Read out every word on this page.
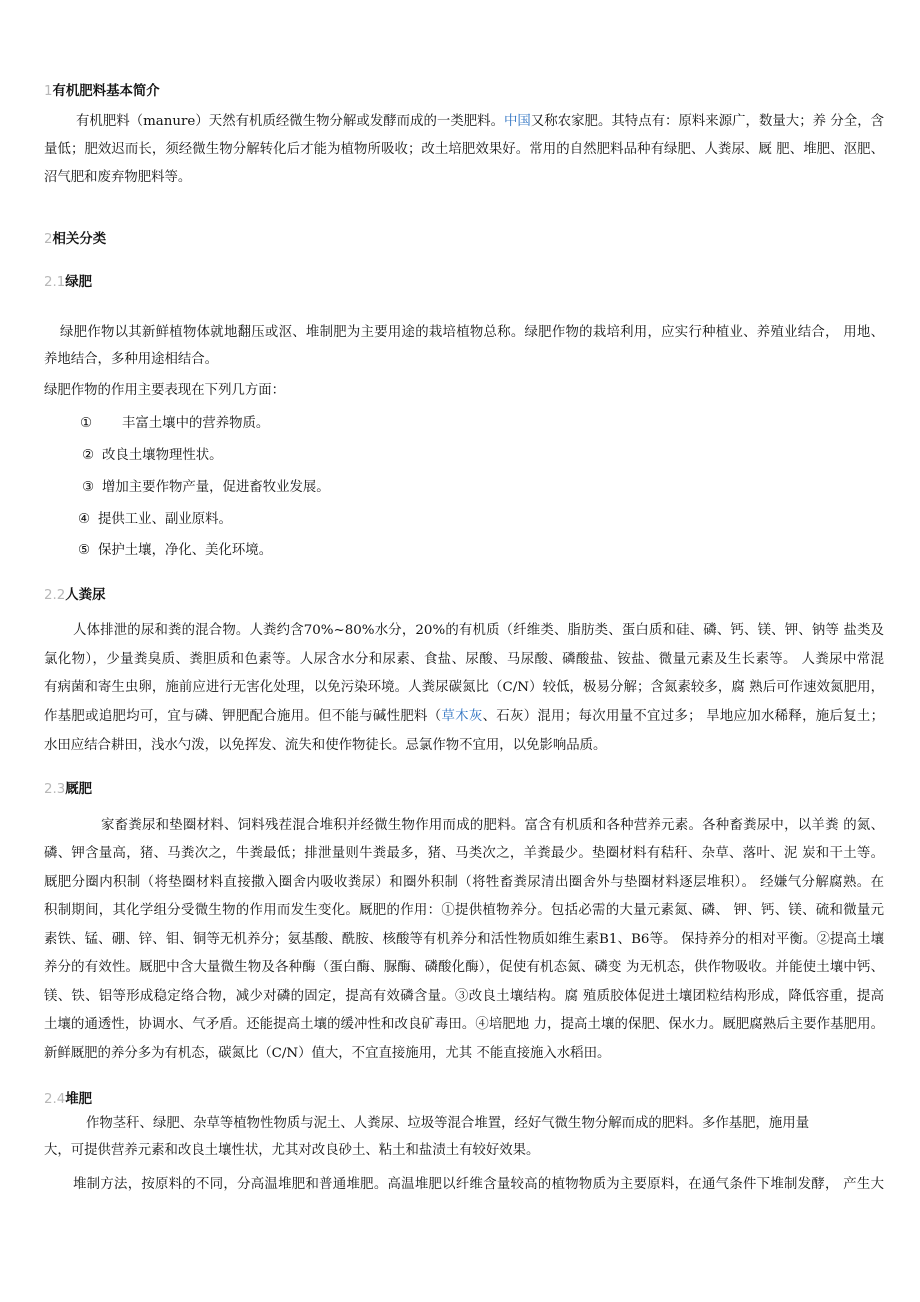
1有机肥料基本简介
有机肥料（manure）天然有机质经微生物分解或发酵而成的一类肥料。中国又称农家肥。其特点有：原料来源广，数量大；养 分全，含
量低；肥效迟而长，须经微生物分解转化后才能为植物所吸收；改土培肥效果好。常用的自然肥料品种有绿肥、人粪尿、厩 肥、堆肥、沤肥、
沼气肥和废弃物肥料等。
2相关分类
2.1绿肥
绿肥作物以其新鲜植物体就地翻压或沤、堆制肥为主要用途的栽培植物总称。绿肥作物的栽培利用，应实行种植业、养殖业结合， 用地、
养地结合，多种用途相结合。
绿肥作物的作用主要表现在下列几方面：
① 丰富土壤中的营养物质。
② 改良土壤物理性状。
③ 增加主要作物产量，促进畜牧业发展。
④ 提供工业、副业原料。
⑤ 保护土壤，净化、美化环境。
2.2人粪尿
人体排泄的尿和粪的混合物。人粪约含70%~80%水分，20%的有机质（纤维类、脂肪类、蛋白质和硅、磷、钙、镁、钾、钠等 盐类及
氯化物），少量粪臭质、粪胆质和色素等。人尿含水分和尿素、食盐、尿酸、马尿酸、磷酸盐、铵盐、微量元素及生长素等。 人粪尿中常混
有病菌和寄生虫卵，施前应进行无害化处理，以免污染环境。人粪尿碳氮比（C/N）较低，极易分解；含氮素较多，腐 熟后可作速效氮肥用，
作基肥或追肥均可，宜与磷、钾肥配合施用。但不能与碱性肥料（草木灰、石灰）混用；每次用量不宜过多； 旱地应加水稀释，施后复土；
水田应结合耕田，浅水勺泼，以免挥发、流失和使作物徒长。忌氯作物不宜用，以免影响品质。
2.3厩肥
家畜粪尿和垫圈材料、饲料残茬混合堆积并经微生物作用而成的肥料。富含有机质和各种营养元素。各种畜粪尿中，以羊粪 的氮、
磷、钾含量高，猪、马粪次之，牛粪最低；排泄量则牛粪最多，猪、马类次之，羊粪最少。垫圈材料有秸秆、杂草、落叶、泥 炭和干土等。
厩肥分圈内积制（将垫圈材料直接撒入圈舍内吸收粪尿）和圈外积制（将牲畜粪尿清出圈舍外与垫圈材料逐层堆积）。 经嫌气分解腐熟。在
积制期间，其化学组分受微生物的作用而发生变化。厩肥的作用：①提供植物养分。包括必需的大量元素氮、磷、 钾、钙、镁、硫和微量元
素铁、锰、硼、锌、钼、铜等无机养分；氨基酸、酰胺、核酸等有机养分和活性物质如维生素B1、B6等。 保持养分的相对平衡。②提高土壤
养分的有效性。厩肥中含大量微生物及各种酶（蛋白酶、脲酶、磷酸化酶），促使有机态氮、磷变 为无机态，供作物吸收。并能使土壤中钙、
镁、铁、铝等形成稳定络合物，减少对磷的固定，提高有效磷含量。③改良土壤结构。腐 殖质胶体促进土壤团粒结构形成，降低容重，提高
土壤的通透性，协调水、气矛盾。还能提高土壤的缓冲性和改良矿毒田。④培肥地 力，提高土壤的保肥、保水力。厩肥腐熟后主要作基肥用。
新鲜厩肥的养分多为有机态，碳氮比（C/N）值大，不宜直接施用，尤其 不能直接施入水稻田。
2.4堆肥
作物茎秆、绿肥、杂草等植物性物质与泥土、人粪尿、垃圾等混合堆置，经好气微生物分解而成的肥料。多作基肥，施用量
大，可提供营养元素和改良土壤性状，尤其对改良砂土、粘土和盐渍土有较好效果。
堆制方法，按原料的不同，分高温堆肥和普通堆肥。高温堆肥以纤维含量较高的植物物质为主要原料，在通气条件下堆制发酵， 产生大
